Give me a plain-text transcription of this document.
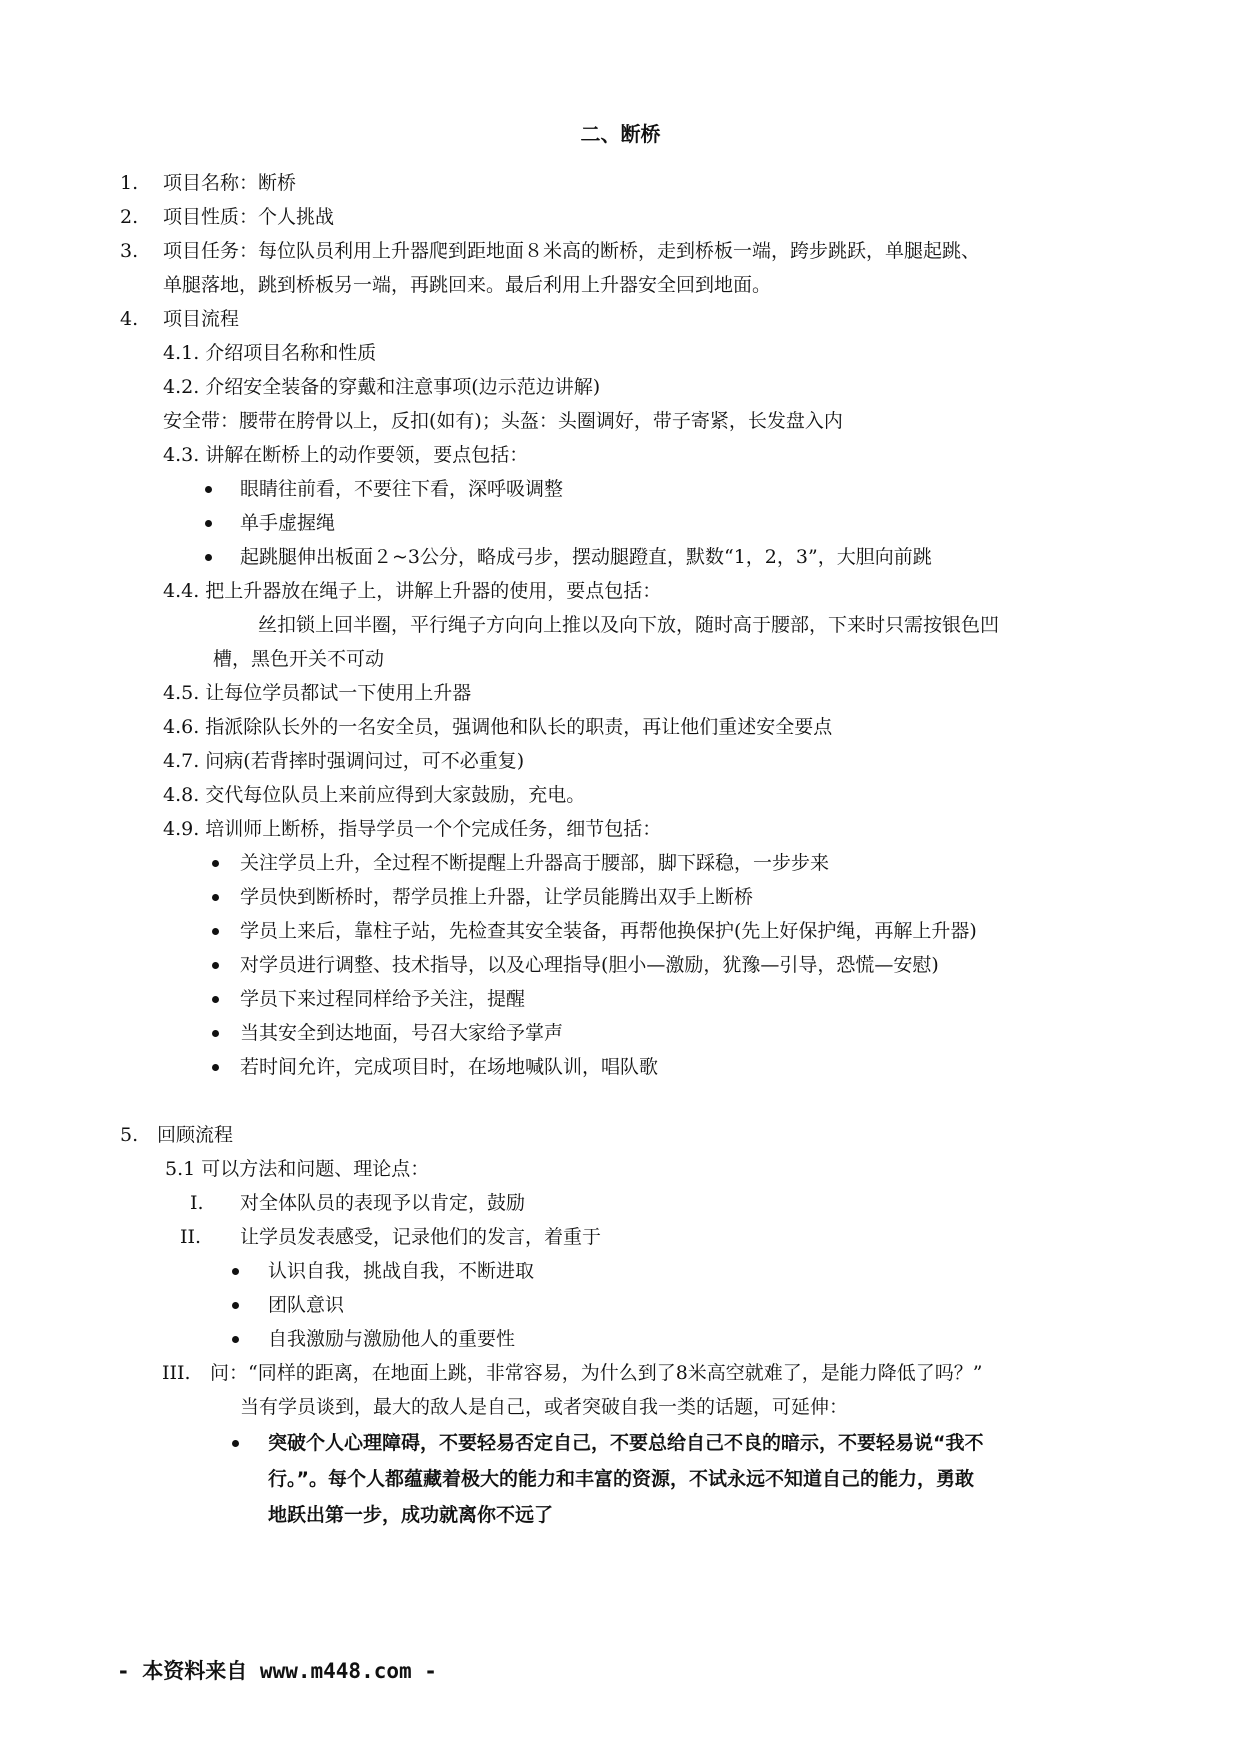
二、断桥
1. 项目名称：断桥
2. 项目性质：个人挑战
3. 项目任务：每位队员利用上升器爬到距地面８米高的断桥，走到桥板一端，跨步跳跃，单腿起跳、
单腿落地，跳到桥板另一端，再跳回来。最后利用上升器安全回到地面。
4. 项目流程
4.1. 介绍项目名称和性质
4.2. 介绍安全装备的穿戴和注意事项(边示范边讲解)
安全带：腰带在胯骨以上，反扣(如有)；头盔：头圈调好，带子寄紧，长发盘入内
4.3. 讲解在断桥上的动作要领，要点包括：
眼睛往前看，不要往下看，深呼吸调整
单手虚握绳
起跳腿伸出板面２~3公分，略成弓步，摆动腿蹬直，默数“1，2，3”，大胆向前跳
4.4. 把上升器放在绳子上，讲解上升器的使用，要点包括：
丝扣锁上回半圈，平行绳子方向向上推以及向下放，随时高于腰部，下来时只需按银色凹
槽，黑色开关不可动
4.5. 让每位学员都试一下使用上升器
4.6. 指派除队长外的一名安全员，强调他和队长的职责，再让他们重述安全要点
4.7. 问病(若背摔时强调问过，可不必重复)
4.8. 交代每位队员上来前应得到大家鼓励，充电。
4.9. 培训师上断桥，指导学员一个个完成任务，细节包括：
关注学员上升，全过程不断提醒上升器高于腰部，脚下踩稳，一步步来
学员快到断桥时，帮学员推上升器，让学员能腾出双手上断桥
学员上来后，靠柱子站，先检查其安全装备，再帮他换保护(先上好保护绳，再解上升器)
对学员进行调整、技术指导，以及心理指导(胆小—激励，犹豫—引导，恐慌—安慰)
学员下来过程同样给予关注，提醒
当其安全到达地面，号召大家给予掌声
若时间允许，完成项目时，在场地喊队训，唱队歌
5. 回顾流程
5.1 可以方法和问题、理论点：
I. 对全体队员的表现予以肯定，鼓励
II. 让学员发表感受，记录他们的发言，着重于
认识自我，挑战自我，不断进取
团队意识
自我激励与激励他人的重要性
III. 问：“同样的距离，在地面上跳，非常容易，为什么到了8米高空就难了，是能力降低了吗？”
当有学员谈到，最大的敌人是自己，或者突破自我一类的话题，可延伸：
突破个人心理障碍，不要轻易否定自己，不要总给自己不良的暗示，不要轻易说“我不
行。”。每个人都蕴藏着极大的能力和丰富的资源，不试永远不知道自己的能力，勇敢
地跃出第一步，成功就离你不远了
- 本资料来自 www.m448.com -
